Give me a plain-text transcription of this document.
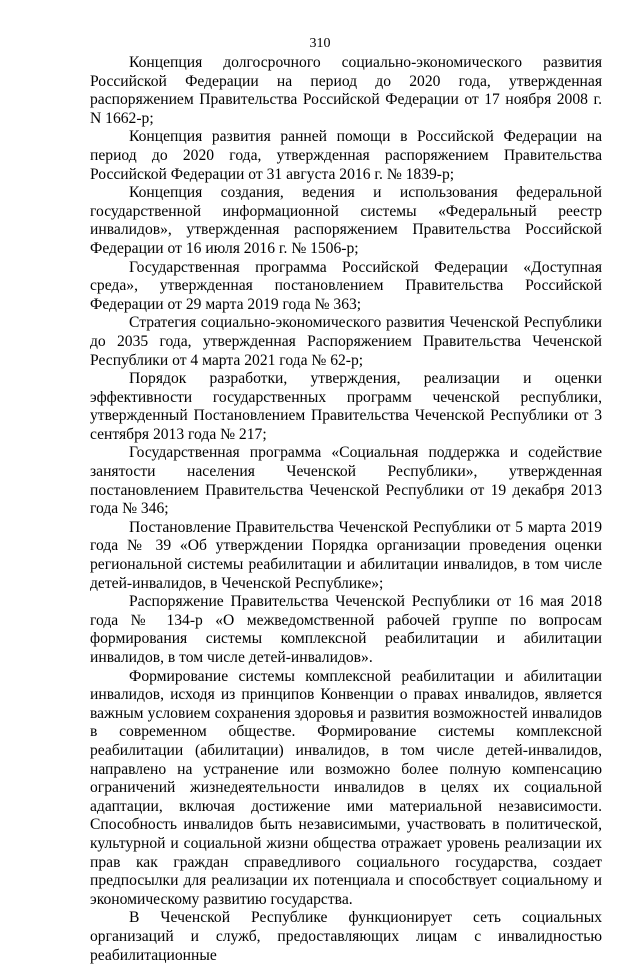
310

Концепция долгосрочного социально-экономического развития Российской Федерации на период до 2020 года, утвержденная распоряжением Правительства Российской Федерации от 17 ноября 2008 г. N 1662-р;

Концепция развития ранней помощи в Российской Федерации на период до 2020 года, утвержденная распоряжением Правительства Российской Федерации от 31 августа 2016 г. № 1839-р;

Концепция создания, ведения и использования федеральной государственной информационной системы «Федеральный реестр инвалидов», утвержденная распоряжением Правительства Российской Федерации от 16 июля 2016 г. № 1506-р;

Государственная программа Российской Федерации «Доступная среда», утвержденная постановлением Правительства Российской Федерации от 29 марта 2019 года № 363;

Стратегия социально-экономического развития Чеченской Республики до 2035 года, утвержденная Распоряжением Правительства Чеченской Республики от 4 марта 2021 года № 62-р;

Порядок разработки, утверждения, реализации и оценки эффективности государственных программ чеченской республики, утвержденный Постановлением Правительства Чеченской Республики от 3 сентября 2013 года № 217;

Государственная программа «Социальная поддержка и содействие занятости населения Чеченской Республики», утвержденная постановлением Правительства Чеченской Республики от 19 декабря 2013 года № 346;

Постановление Правительства Чеченской Республики от 5 марта 2019 года № 39 «Об утверждении Порядка организации проведения оценки региональной системы реабилитации и абилитации инвалидов, в том числе детей-инвалидов, в Чеченской Республике»;

Распоряжение Правительства Чеченской Республики от 16 мая 2018 года № 134-р «О межведомственной рабочей группе по вопросам формирования системы комплексной реабилитации и абилитации инвалидов, в том числе детей-инвалидов».

Формирование системы комплексной реабилитации и абилитации инвалидов, исходя из принципов Конвенции о правах инвалидов, является важным условием сохранения здоровья и развития возможностей инвалидов в современном обществе. Формирование системы комплексной реабилитации (абилитации) инвалидов, в том числе детей-инвалидов, направлено на устранение или возможно более полную компенсацию ограничений жизнедеятельности инвалидов в целях их социальной адаптации, включая достижение ими материальной независимости. Способность инвалидов быть независимыми, участвовать в политической, культурной и социальной жизни общества отражает уровень реализации их прав как граждан справедливого социального государства, создает предпосылки для реализации их потенциала и способствует социальному и экономическому развитию государства.

В Чеченской Республике функционирует сеть социальных организаций и служб, предоставляющих лицам с инвалидностью реабилитационные
